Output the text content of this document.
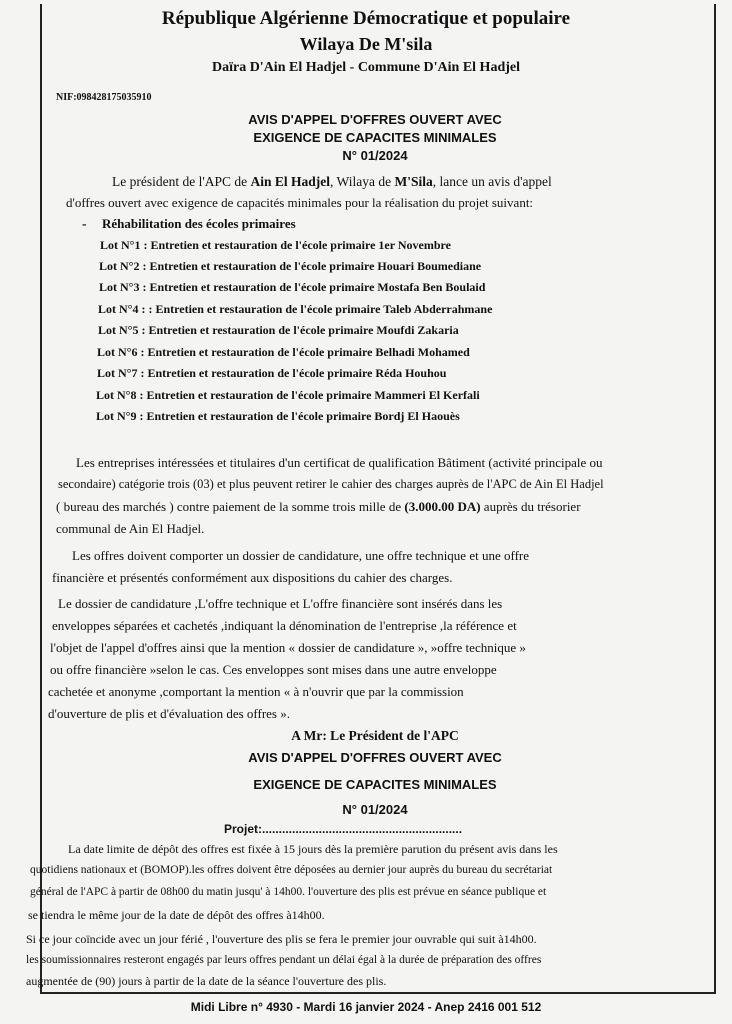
République Algérienne Démocratique et populaire
Wilaya De M'sila
Daïra D'Ain El Hadjel - Commune D'Ain El Hadjel
NIF:098428175035910
AVIS D'APPEL D'OFFRES OUVERT AVEC
EXIGENCE DE CAPACITES MINIMALES
N° 01/2024
Le président de l'APC de Ain El Hadjel, Wilaya de M'Sila, lance un avis d'appel
d'offres ouvert avec exigence de capacités minimales pour la réalisation du projet suivant:
- Réhabilitation des écoles primaires
Lot N°1 : Entretien et restauration de l'école primaire 1er Novembre
Lot N°2 : Entretien et restauration de l'école primaire Houari Boumediane
Lot N°3 : Entretien et restauration de l'école primaire Mostafa Ben Boulaid
Lot N°4 : : Entretien et restauration de l'école primaire Taleb Abderrahmane
Lot N°5 : Entretien et restauration de l'école primaire Moufdi Zakaria
Lot N°6 : Entretien et restauration de l'école primaire Belhadi Mohamed
Lot N°7 : Entretien et restauration de l'école primaire Réda Houhou
Lot N°8 : Entretien et restauration de l'école primaire Mammeri El Kerfali
Lot N°9 : Entretien et restauration de l'école primaire Bordj El Haouès
Les entreprises intéressées et titulaires d'un certificat de qualification Bâtiment (activité principale ou
secondaire) catégorie trois (03) et plus peuvent retirer le cahier des charges auprès de l'APC de Ain El Hadjel
( bureau des marchés ) contre paiement de la somme trois mille de (3.000.00 DA) auprès du trésorier
communal de Ain El Hadjel.
Les offres doivent comporter un dossier de candidature, une offre technique et une offre
financière et présentés conformément aux dispositions du cahier des charges.
Le dossier de candidature ,L'offre technique et L'offre financière sont insérés dans les
enveloppes séparées et cachetés ,indiquant la dénomination de l'entreprise ,la référence et
l'objet de l'appel d'offres ainsi que la mention « dossier de candidature », »offre technique »
ou offre financière »selon le cas. Ces enveloppes sont mises dans une autre enveloppe
cachetée et anonyme ,comportant la mention « à n'ouvrir que par la commission
d'ouverture de plis et d'évaluation des offres ».
A Mr: Le Président de l'APC
AVIS D'APPEL D'OFFRES OUVERT AVEC
EXIGENCE DE CAPACITES MINIMALES
N° 01/2024
Projet:............................................................
La date limite de dépôt des offres est fixée à 15 jours dès la première parution du présent avis dans les
quotidiens nationaux et (BOMOP).les offres doivent être déposées au dernier jour auprès du bureau du secrétariat
général de l'APC à partir de 08h00 du matin jusqu' à 14h00. l'ouverture des plis est prévue en séance publique et
se tiendra le même jour de la date de dépôt des offres à14h00.
Si ce jour coïncide avec un jour férié , l'ouverture des plis se fera le premier jour ouvrable qui suit à14h00.
les soumissionnaires resteront engagés par leurs offres pendant un délai égal à la durée de préparation des offres
augmentée de (90) jours à partir de la date de la séance l'ouverture des plis.
Midi Libre n° 4930 - Mardi 16 janvier 2024 - Anep 2416 001 512
